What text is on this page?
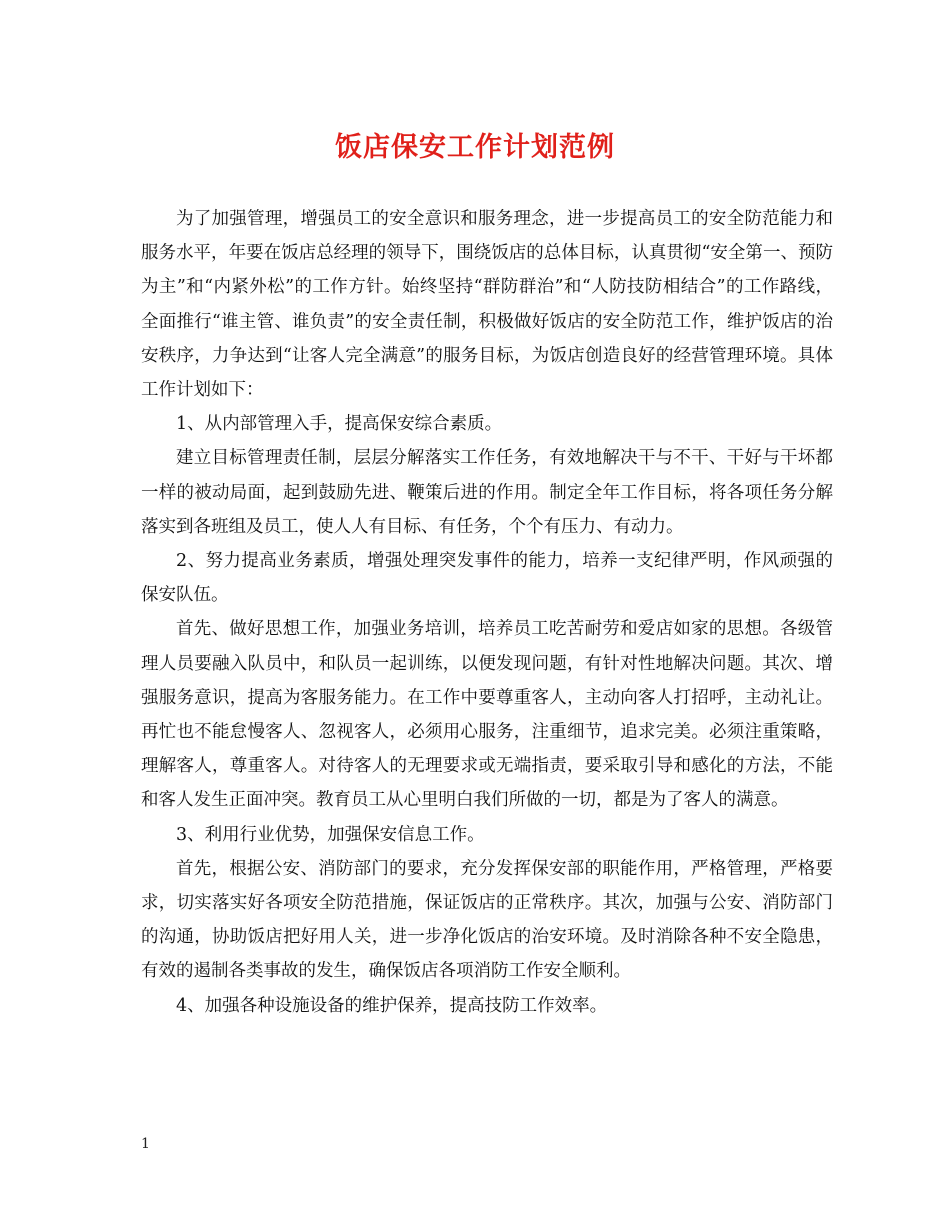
饭店保安工作计划范例

为了加强管理，增强员工的安全意识和服务理念，进一步提高员工的安全防范能力和服务水平，年要在饭店总经理的领导下，围绕饭店的总体目标，认真贯彻“安全第一、预防为主”和“内紧外松”的工作方针。始终坚持“群防群治”和“人防技防相结合”的工作路线，全面推行“谁主管、谁负责”的安全责任制，积极做好饭店的安全防范工作，维护饭店的治安秩序，力争达到“让客人完全满意”的服务目标，为饭店创造良好的经营管理环境。具体工作计划如下：

1、从内部管理入手，提高保安综合素质。

建立目标管理责任制，层层分解落实工作任务，有效地解决干与不干、干好与干坏都一样的被动局面，起到鼓励先进、鞭策后进的作用。制定全年工作目标，将各项任务分解落实到各班组及员工，使人人有目标、有任务，个个有压力、有动力。

2、努力提高业务素质，增强处理突发事件的能力，培养一支纪律严明，作风顽强的保安队伍。

首先、做好思想工作，加强业务培训，培养员工吃苦耐劳和爱店如家的思想。各级管理人员要融入队员中，和队员一起训练，以便发现问题，有针对性地解决问题。其次、增强服务意识，提高为客服务能力。在工作中要尊重客人，主动向客人打招呼，主动礼让。再忙也不能怠慢客人、忽视客人，必须用心服务，注重细节，追求完美。必须注重策略，理解客人，尊重客人。对待客人的无理要求或无端指责，要采取引导和感化的方法，不能和客人发生正面冲突。教育员工从心里明白我们所做的一切，都是为了客人的满意。

3、利用行业优势，加强保安信息工作。

首先，根据公安、消防部门的要求，充分发挥保安部的职能作用，严格管理，严格要求，切实落实好各项安全防范措施，保证饭店的正常秩序。其次，加强与公安、消防部门的沟通，协助饭店把好用人关，进一步净化饭店的治安环境。及时消除各种不安全隐患，有效的遏制各类事故的发生，确保饭店各项消防工作安全顺利。

4、加强各种设施设备的维护保养，提高技防工作效率。

1
